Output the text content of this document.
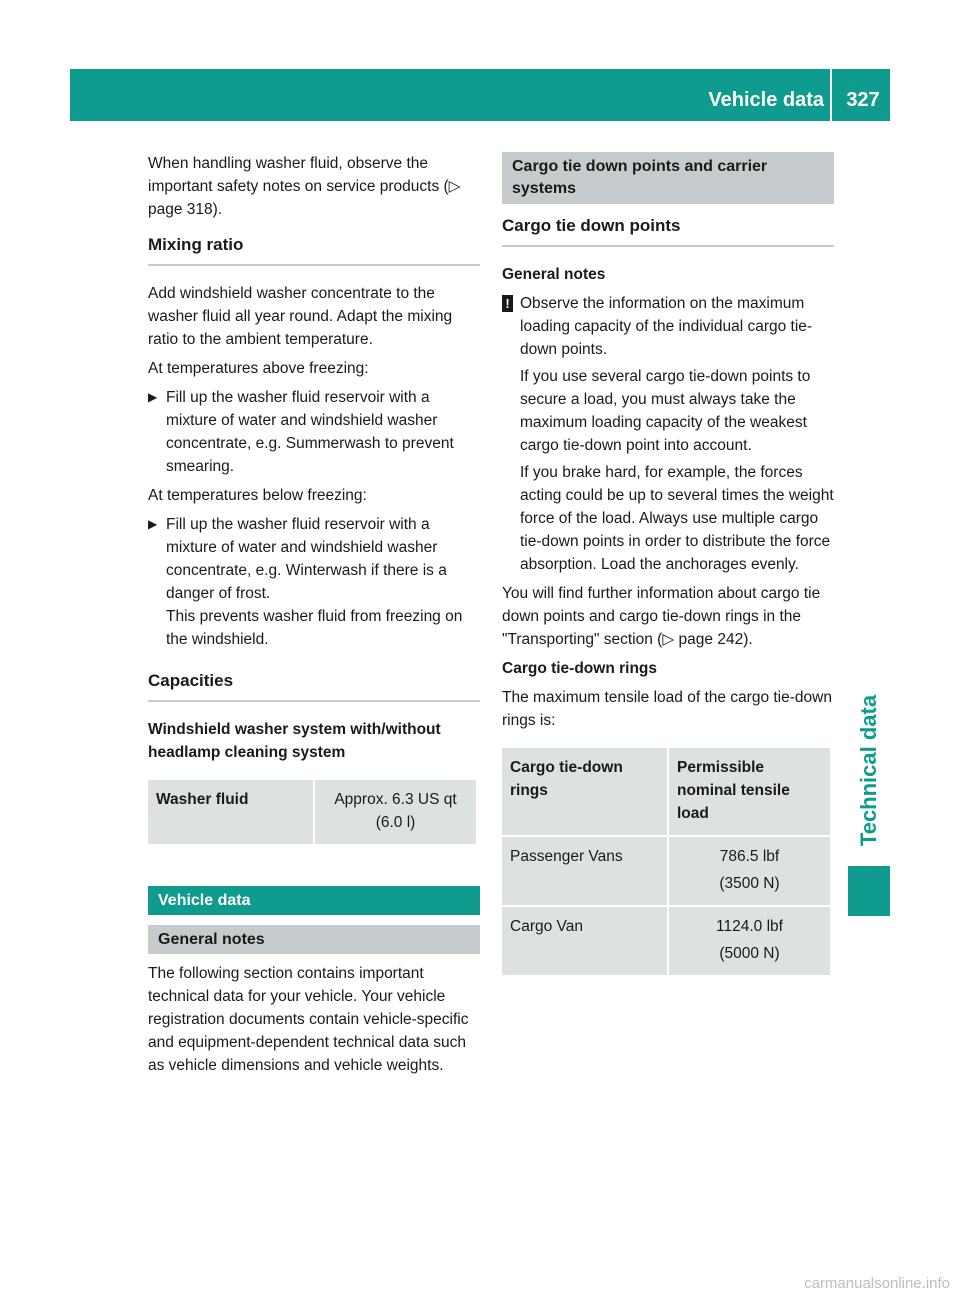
Vehicle data	327
Technical data

When handling washer fluid, observe the important safety notes on service products (▷ page 318).

Mixing ratio

Add windshield washer concentrate to the washer fluid all year round. Adapt the mixing ratio to the ambient temperature.

At temperatures above freezing:

▶ Fill up the washer fluid reservoir with a mixture of water and windshield washer concentrate, e.g. Summerwash to prevent smearing.

At temperatures below freezing:

▶ Fill up the washer fluid reservoir with a mixture of water and windshield washer concentrate, e.g. Winterwash if there is a danger of frost.
This prevents washer fluid from freezing on the windshield.
Capacities
Windshield washer system with/without headlamp cleaning system
Washer fluid	Approx. 6.3 US qt
(6.0 l)
Vehicle data
General notes

The following section contains important technical data for your vehicle. Your vehicle registration documents contain vehicle-specific and equipment-dependent technical data such as vehicle dimensions and vehicle weights.

Cargo tie down points and carrier systems
Cargo tie down points
General notes
! Observe the information on the maximum loading capacity of the individual cargo tie-down points.
If you use several cargo tie-down points to secure a load, you must always take the maximum loading capacity of the weakest cargo tie-down point into account.
If you brake hard, for example, the forces acting could be up to several times the weight force of the load. Always use multiple cargo tie-down points in order to distribute the force absorption. Load the anchorages evenly.

You will find further information about cargo tie down points and cargo tie-down rings in the "Transporting" section (▷ page 242).

Cargo tie-down rings

The maximum tensile load of the cargo tie-down rings is:

Cargo tie-down rings	Permissible nominal tensile load
Passenger Vans	786.5 lbf
(3500 N)

Cargo Van	1124.0 lbf
(5000 N)
carmanualsonline.info
